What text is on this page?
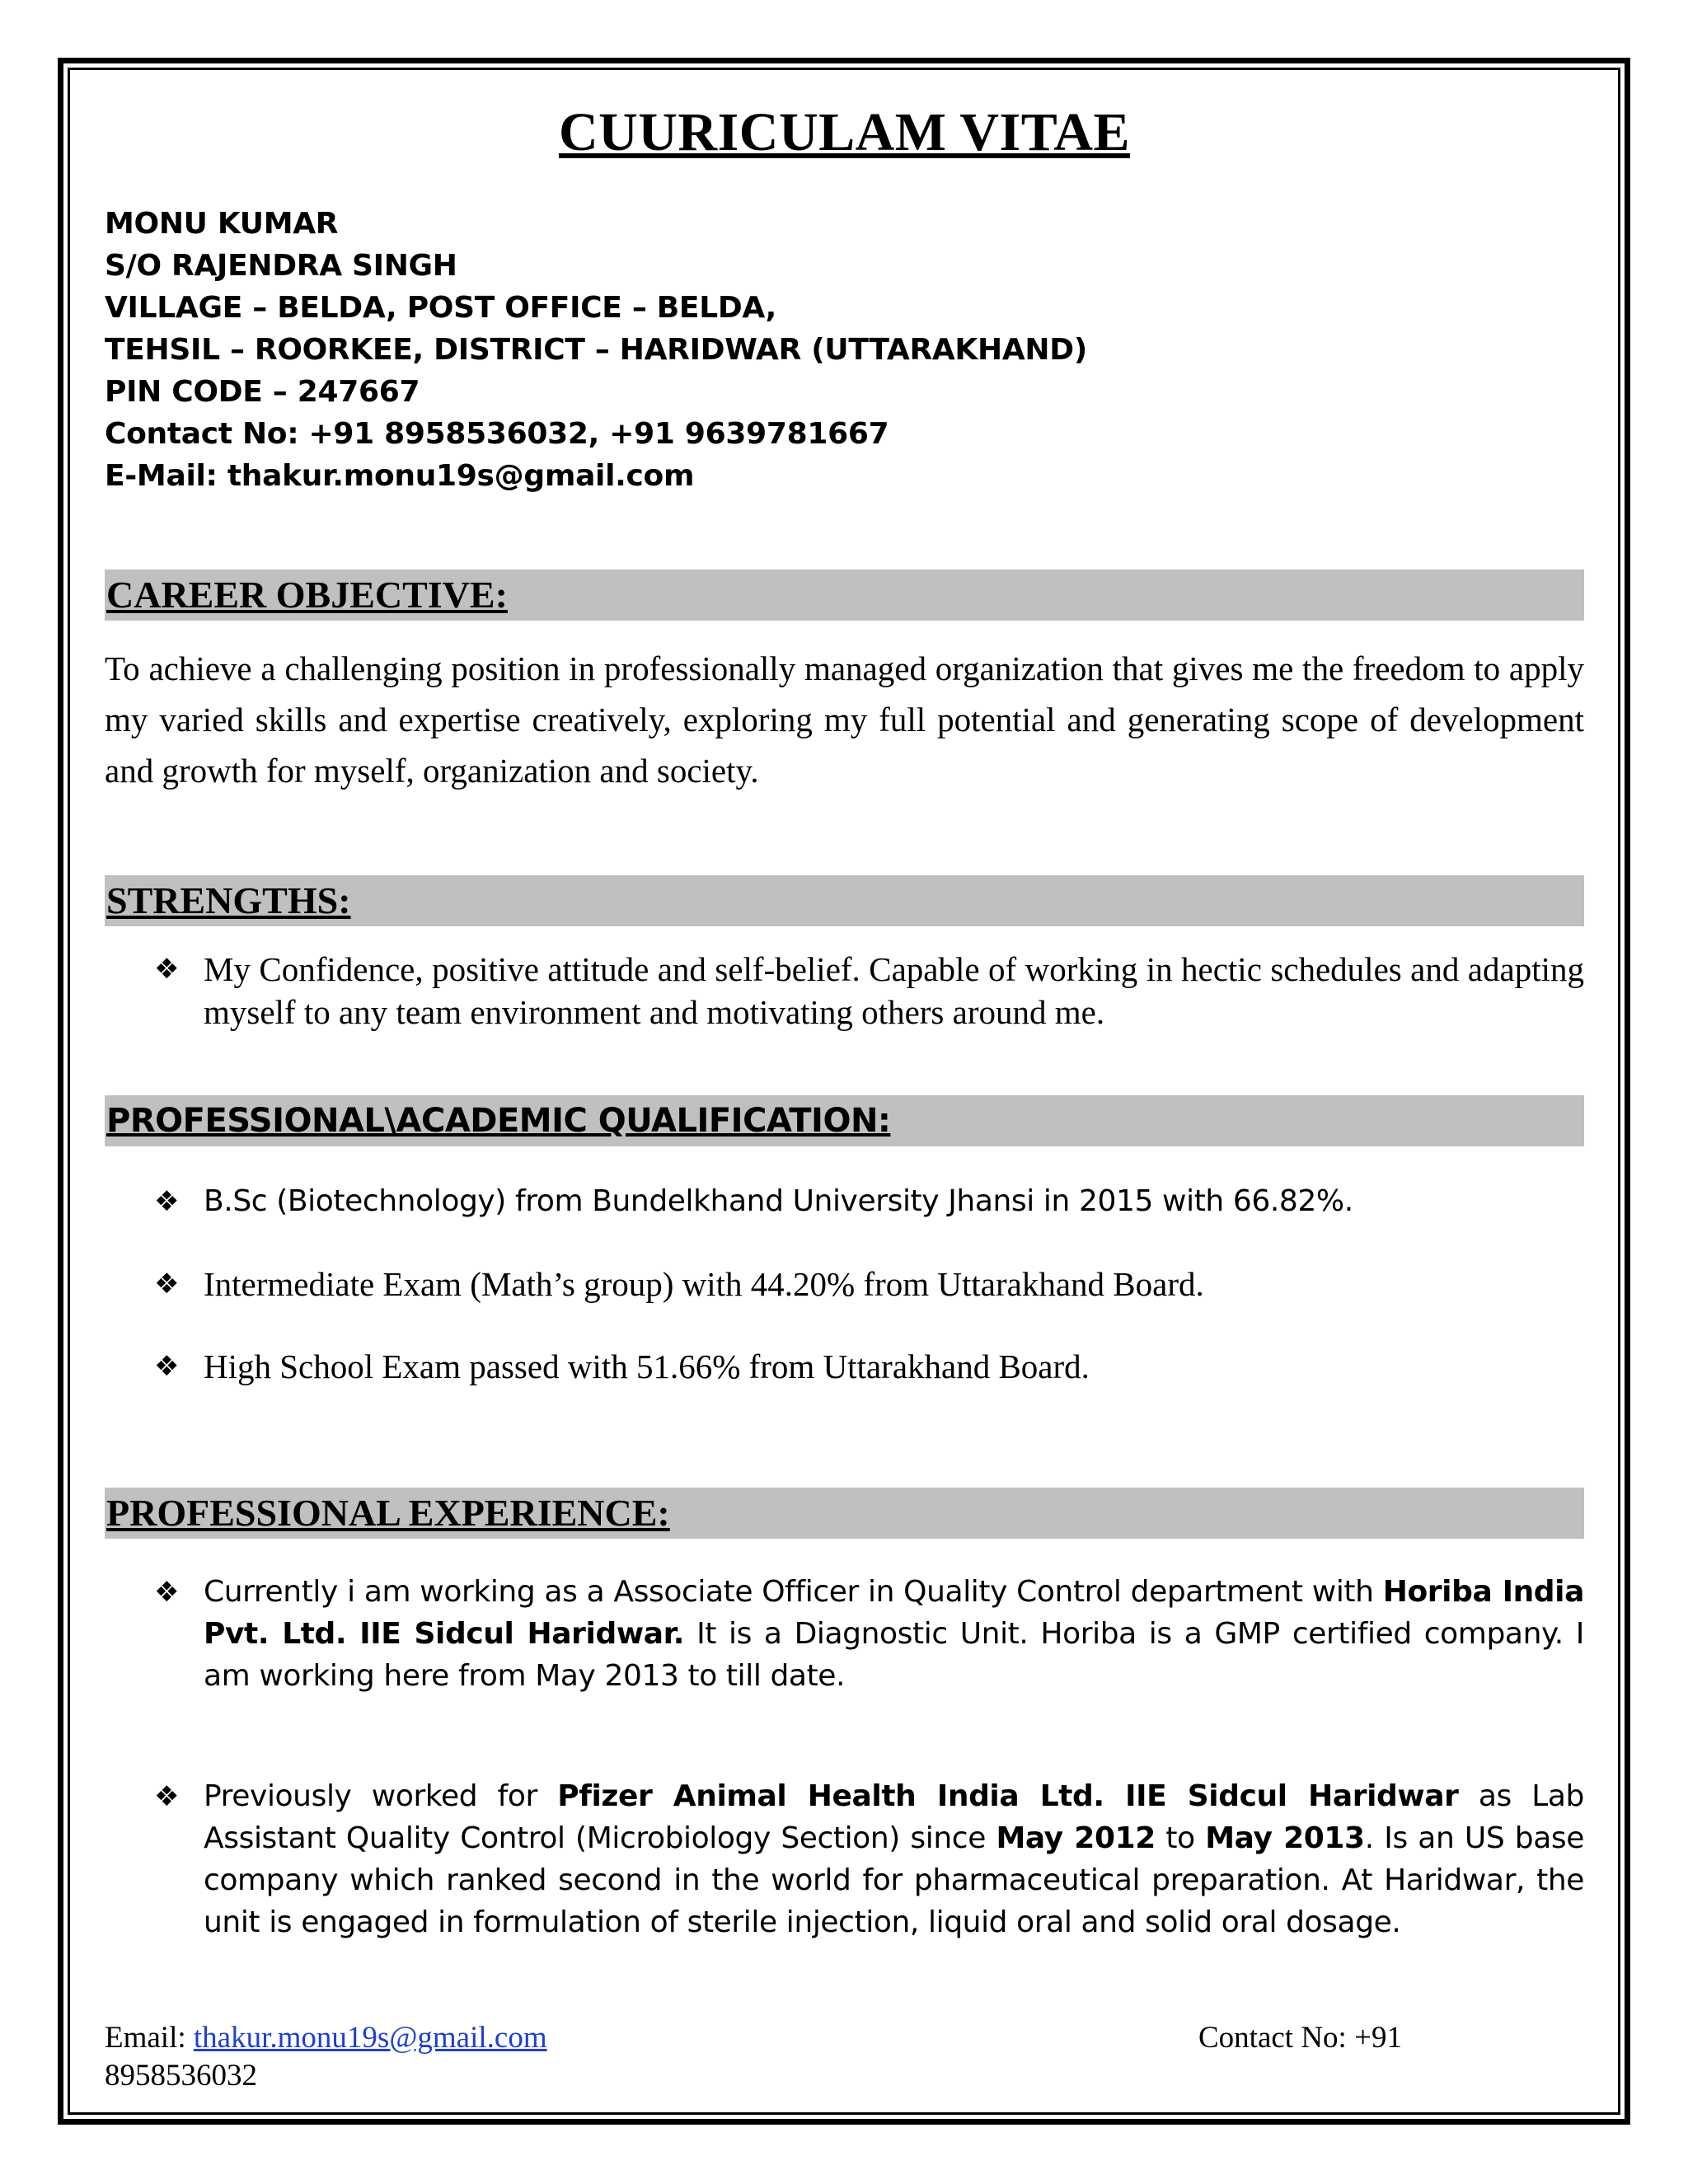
CUURICULAM VITAE
MONU KUMAR
S/O RAJENDRA SINGH
VILLAGE – BELDA, POST OFFICE – BELDA,
TEHSIL – ROORKEE, DISTRICT – HARIDWAR (UTTARAKHAND)
PIN CODE – 247667
Contact No: +91 8958536032, +91 9639781667
E-Mail: thakur.monu19s@gmail.com
CAREER OBJECTIVE:
To achieve a challenging position in professionally managed organization that gives me the freedom to apply my varied skills and expertise creatively, exploring my full potential and generating scope of development and growth for myself, organization and society.
STRENGTHS:
❖ My Confidence, positive attitude and self-belief. Capable of working in hectic schedules and adapting myself to any team environment and motivating others around me.
PROFESSIONAL\ACADEMIC QUALIFICATION:
❖ B.Sc (Biotechnology) from Bundelkhand University Jhansi in 2015 with 66.82%.
❖ Intermediate Exam (Math’s group) with 44.20% from Uttarakhand Board.
❖ High School Exam passed with 51.66% from Uttarakhand Board.
PROFESSIONAL EXPERIENCE:
❖ Currently i am working as a Associate Officer in Quality Control department with Horiba India Pvt. Ltd. IIE Sidcul Haridwar. It is a Diagnostic Unit. Horiba is a GMP certified company. I am working here from May 2013 to till date.
❖ Previously worked for Pfizer Animal Health India Ltd. IIE Sidcul Haridwar as Lab Assistant Quality Control (Microbiology Section) since May 2012 to May 2013. Is an US base company which ranked second in the world for pharmaceutical preparation. At Haridwar, the unit is engaged in formulation of sterile injection, liquid oral and solid oral dosage.
Email: thakur.monu19s@gmail.com
8958536032
Contact No: +91
